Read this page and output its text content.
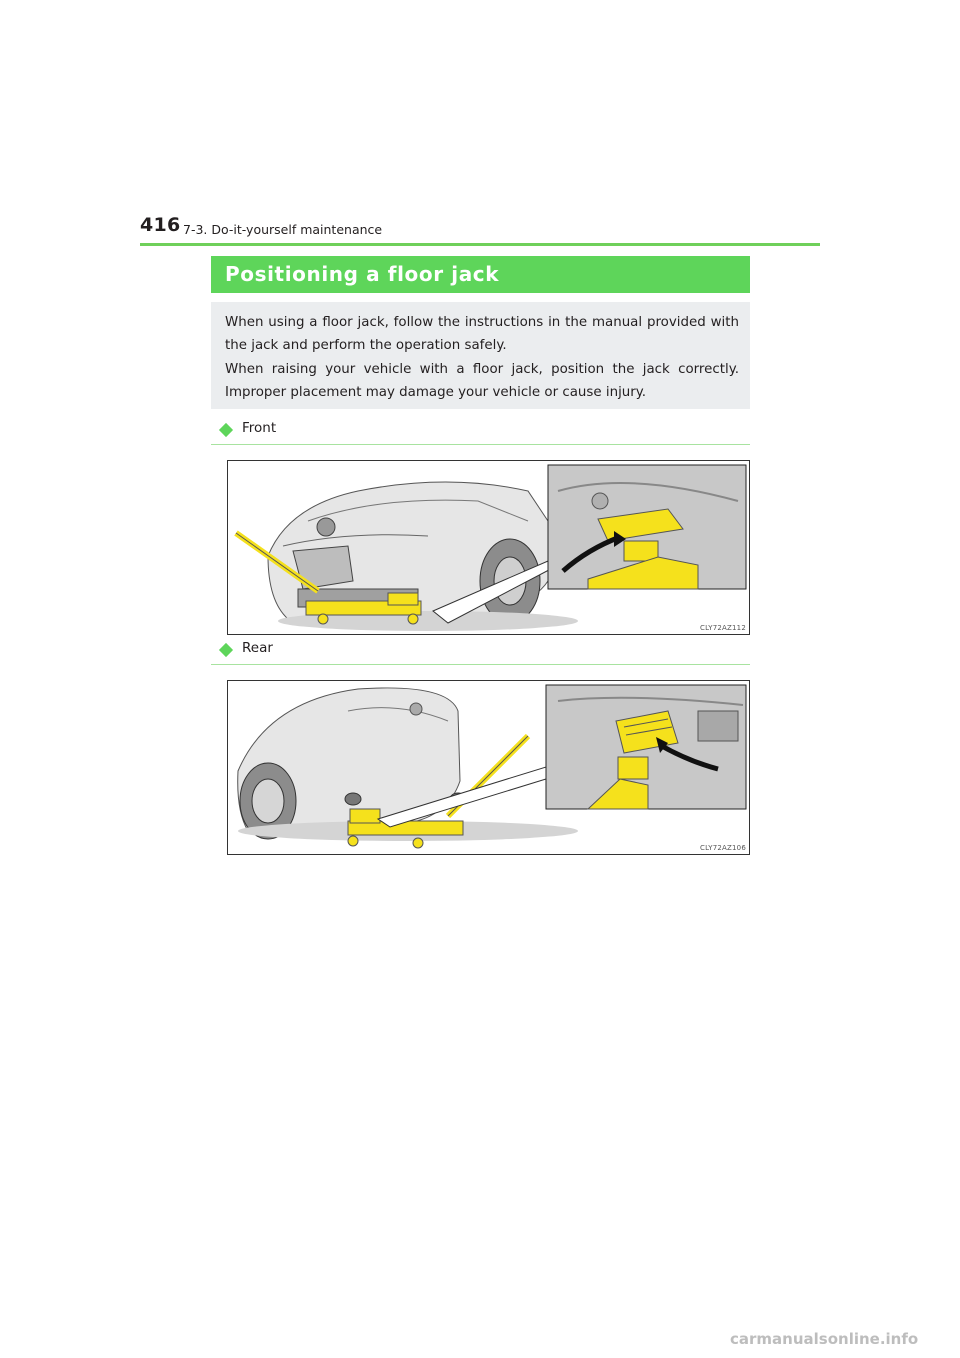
416 7-3. Do-it-yourself maintenance
Positioning a floor jack

When using a floor jack, follow the instructions in the manual provided with the jack and perform the operation safely.

When raising your vehicle with a floor jack, position the jack correctly. Improper placement may damage your vehicle or cause injury.

Front
CLY72AZ112
Rear
CLY72AZ106
carmanualsonline.info
